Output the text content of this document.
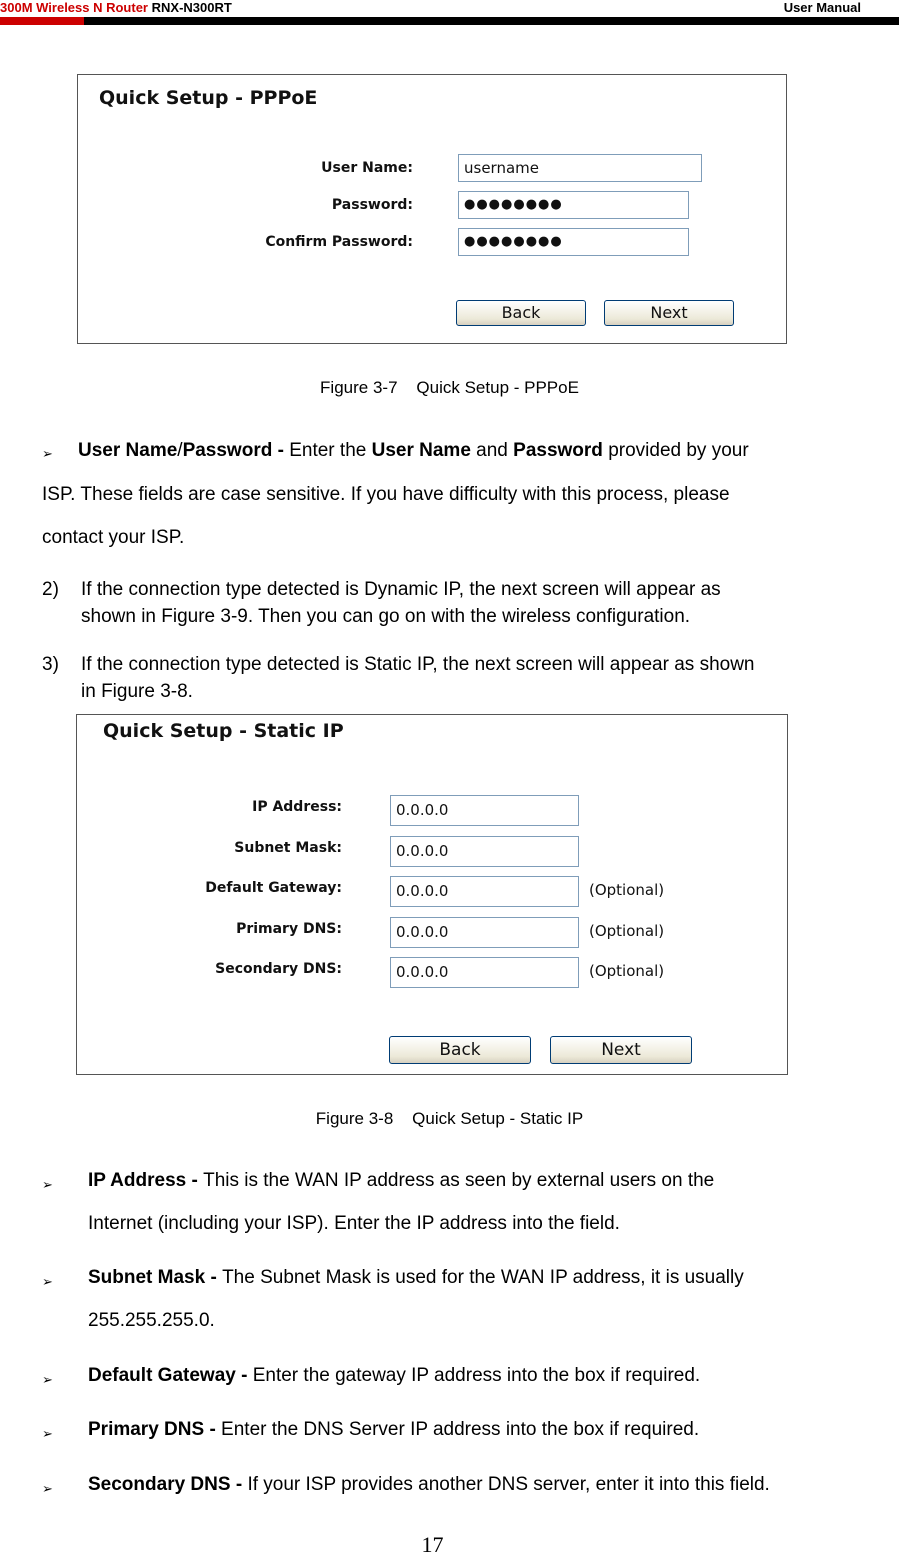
300M Wireless N Router RNX-N300RT	User Manual
Quick Setup - PPPoE
User Name:	username
Password:	●●●●●●●●
Confirm Password:	●●●●●●●●
Back	Next
Figure 3-7    Quick Setup - PPPoE
➢ User Name/Password - Enter the User Name and Password provided by your

ISP. These fields are case sensitive. If you have difficulty with this process, please

contact your ISP.

2) If the connection type detected is Dynamic IP, the next screen will appear as

shown in Figure 3-9. Then you can go on with the wireless configuration.

3) If the connection type detected is Static IP, the next screen will appear as shown

in Figure 3-8.

Quick Setup - Static IP
IP Address:	0.0.0.0
Subnet Mask:	0.0.0.0
Default Gateway:	0.0.0.0	(Optional)
Primary DNS:	0.0.0.0	(Optional)
Secondary DNS:	0.0.0.0	(Optional)
Back	Next
Figure 3-8    Quick Setup - Static IP
➢ IP Address - This is the WAN IP address as seen by external users on the

Internet (including your ISP). Enter the IP address into the field.

➢ Subnet Mask - The Subnet Mask is used for the WAN IP address, it is usually

255.255.255.0.

➢ Default Gateway - Enter the gateway IP address into the box if required.

➢ Primary DNS - Enter the DNS Server IP address into the box if required.

➢ Secondary DNS - If your ISP provides another DNS server, enter it into this field.

17
